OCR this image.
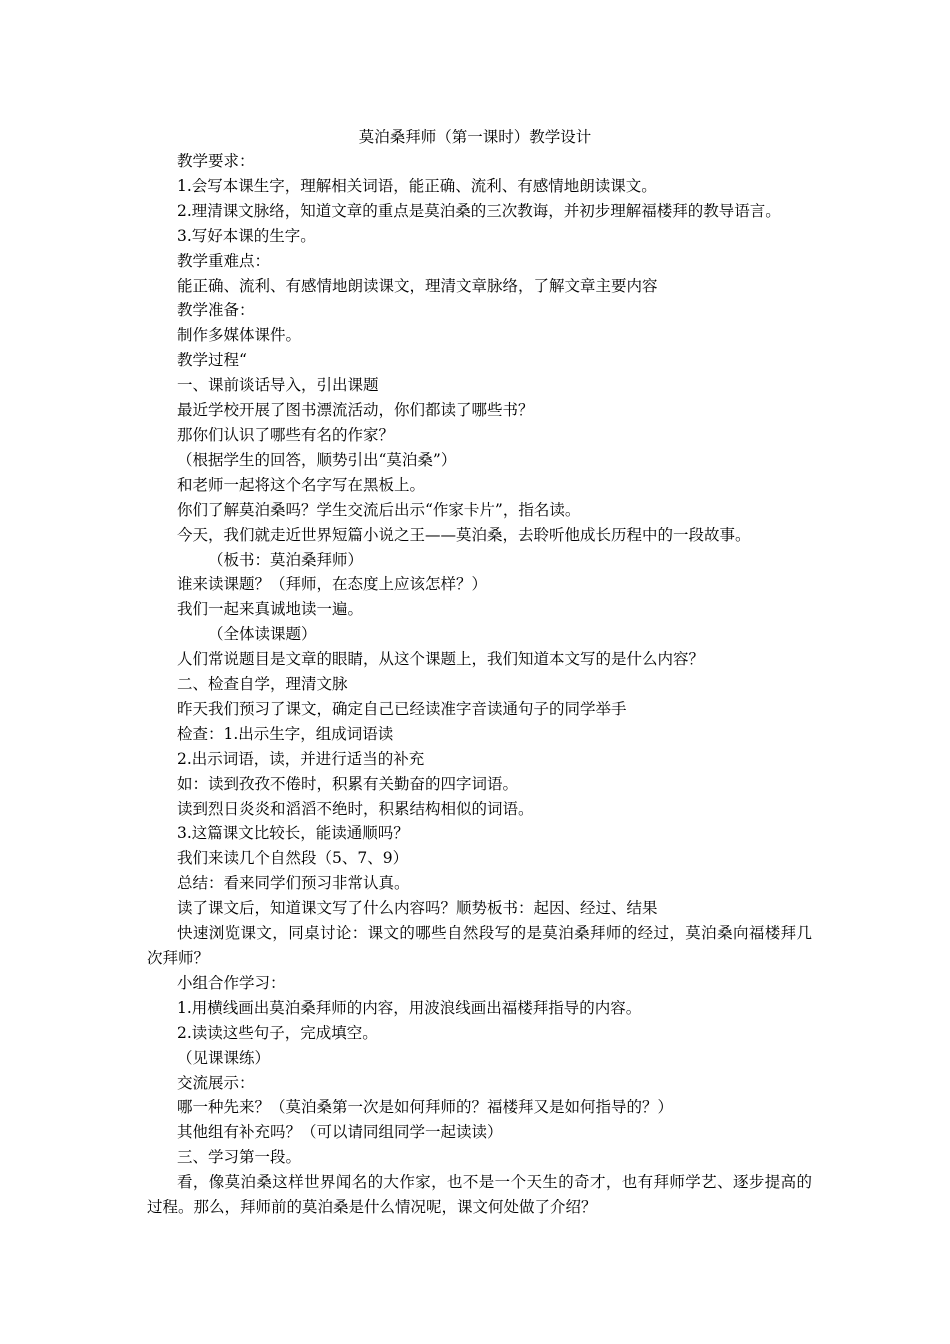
莫泊桑拜师（第一课时）教学设计
教学要求：
1.会写本课生字，理解相关词语，能正确、流利、有感情地朗读课文。
2.理清课文脉络，知道文章的重点是莫泊桑的三次教诲，并初步理解福楼拜的教导语言。
3.写好本课的生字。
教学重难点：
能正确、流利、有感情地朗读课文，理清文章脉络，了解文章主要内容
教学准备：
制作多媒体课件。
教学过程“
一、课前谈话导入，引出课题
最近学校开展了图书漂流活动，你们都读了哪些书？
那你们认识了哪些有名的作家？
（根据学生的回答，顺势引出“莫泊桑”）
和老师一起将这个名字写在黑板上。
你们了解莫泊桑吗？学生交流后出示“作家卡片”，指名读。
今天，我们就走近世界短篇小说之王——莫泊桑，去聆听他成长历程中的一段故事。
（板书：莫泊桑拜师）
谁来读课题？（拜师，在态度上应该怎样？）
我们一起来真诚地读一遍。
（全体读课题）
人们常说题目是文章的眼睛，从这个课题上，我们知道本文写的是什么内容？
二、检查自学，理清文脉
昨天我们预习了课文，确定自己已经读准字音读通句子的同学举手
检查：1.出示生字，组成词语读
2.出示词语，读，并进行适当的补充
如：读到孜孜不倦时，积累有关勤奋的四字词语。
读到烈日炎炎和滔滔不绝时，积累结构相似的词语。
3.这篇课文比较长，能读通顺吗？
我们来读几个自然段（5、7、9）
总结：看来同学们预习非常认真。
读了课文后，知道课文写了什么内容吗？顺势板书：起因、经过、结果
快速浏览课文，同桌讨论：课文的哪些自然段写的是莫泊桑拜师的经过，莫泊桑向福楼拜几次拜师？
小组合作学习：
1.用横线画出莫泊桑拜师的内容，用波浪线画出福楼拜指导的内容。
2.读读这些句子，完成填空。
（见课课练）
交流展示：
哪一种先来？（莫泊桑第一次是如何拜师的？福楼拜又是如何指导的？）
其他组有补充吗？（可以请同组同学一起读读）
三、学习第一段。
看，像莫泊桑这样世界闻名的大作家，也不是一个天生的奇才，也有拜师学艺、逐步提高的过程。那么，拜师前的莫泊桑是什么情况呢，课文何处做了介绍？
